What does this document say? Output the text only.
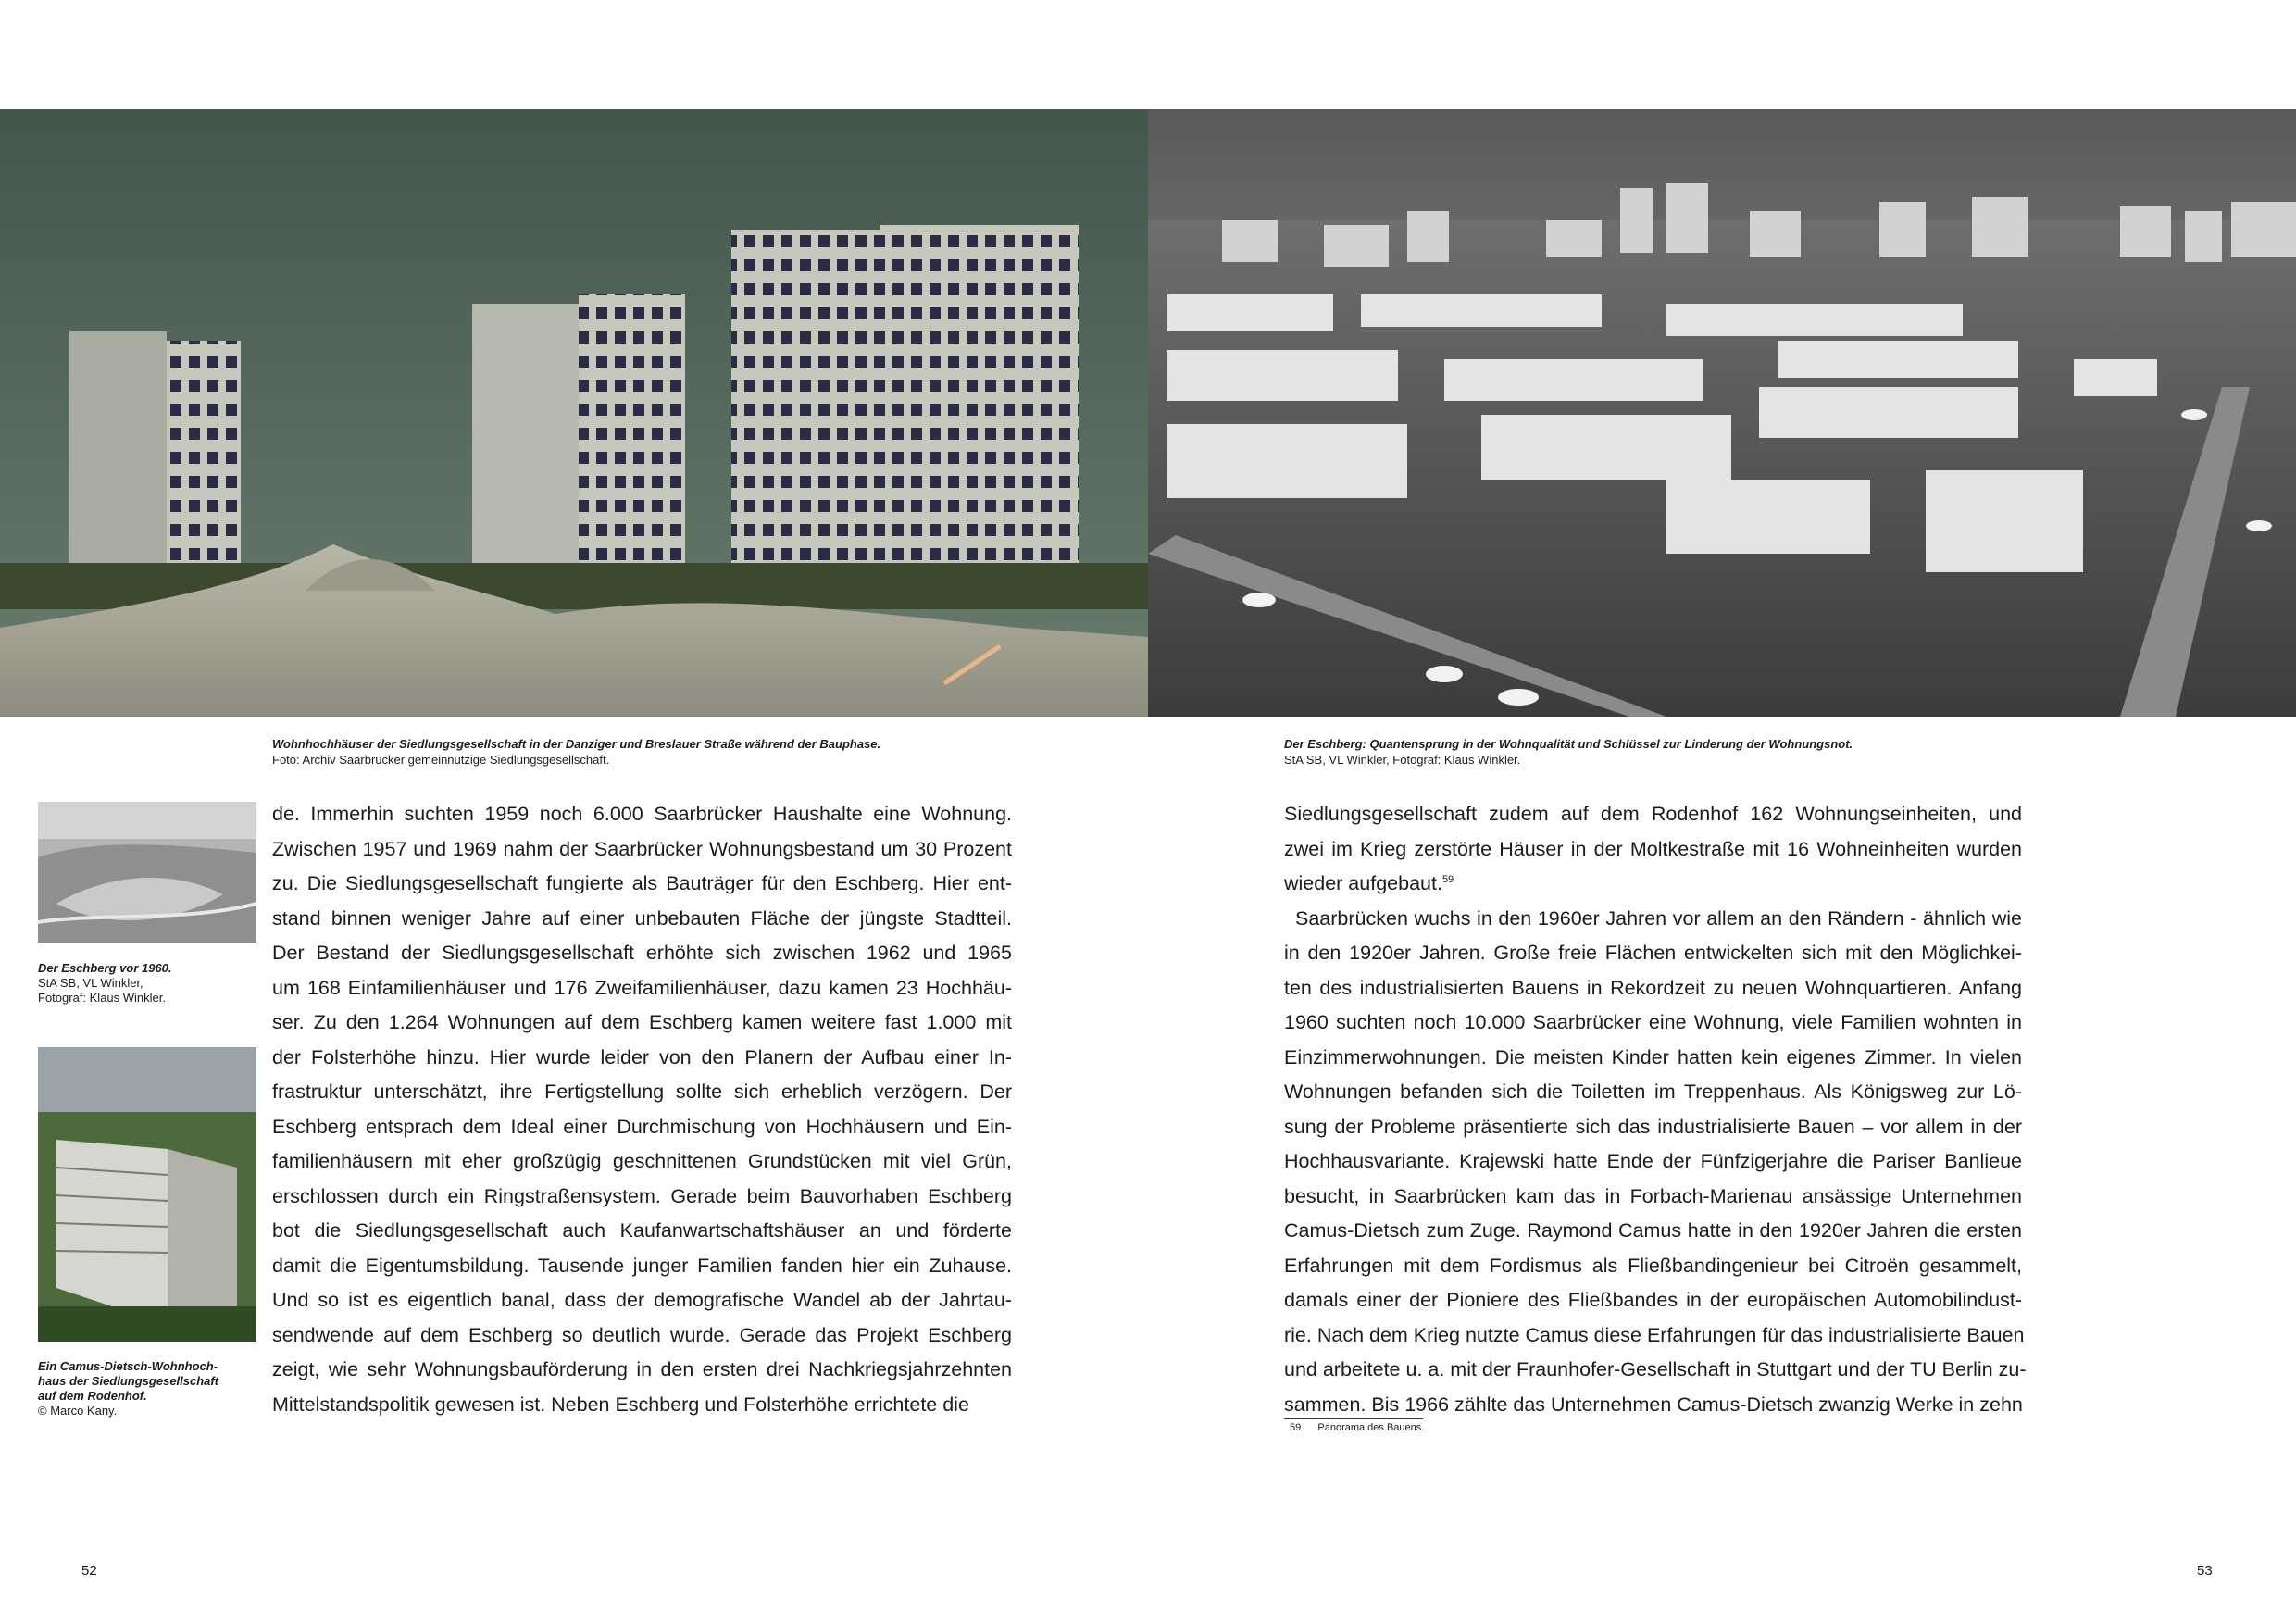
Wohnhochhäuser der Siedlungsgesellschaft in der Danziger und Breslauer Straße während der Bauphase.
Foto: Archiv Saarbrücker gemeinnützige Siedlungsgesellschaft.
Der Eschberg: Quantensprung in der Wohnqualität und Schlüssel zur Linderung der Wohnungsnot.
StA SB, VL Winkler, Fotograf: Klaus Winkler.
Der Eschberg vor 1960.
StA SB, VL Winkler,
Fotograf: Klaus Winkler.
Ein Camus-Dietsch-Wohnhoch-
haus der Siedlungsgesellschaft
auf dem Rodenhof.
© Marco Kany.
de. Immerhin suchten 1959 noch 6.000 Saarbrücker Haushalte eine Wohnung.
Zwischen 1957 und 1969 nahm der Saarbrücker Wohnungsbestand um 30 Prozent
zu. Die Siedlungsgesellschaft fungierte als Bauträger für den Eschberg. Hier ent-
stand binnen weniger Jahre auf einer unbebauten Fläche der jüngste Stadtteil.
Der Bestand der Siedlungsgesellschaft erhöhte sich zwischen 1962 und 1965
um 168 Einfamilienhäuser und 176 Zweifamilienhäuser, dazu kamen 23 Hochhäu-
ser. Zu den 1.264 Wohnungen auf dem Eschberg kamen weitere fast 1.000 mit
der Folsterhöhe hinzu. Hier wurde leider von den Planern der Aufbau einer In-
frastruktur unterschätzt, ihre Fertigstellung sollte sich erheblich verzögern. Der
Eschberg entsprach dem Ideal einer Durchmischung von Hochhäusern und Ein-
familienhäusern mit eher großzügig geschnittenen Grundstücken mit viel Grün,
erschlossen durch ein Ringstraßensystem. Gerade beim Bauvorhaben Eschberg
bot die Siedlungsgesellschaft auch Kaufanwartschaftshäuser an und förderte
damit die Eigentumsbildung. Tausende junger Familien fanden hier ein Zuhause.
Und so ist es eigentlich banal, dass der demografische Wandel ab der Jahrtau-
sendwende auf dem Eschberg so deutlich wurde. Gerade das Projekt Eschberg
zeigt, wie sehr Wohnungsbauförderung in den ersten drei Nachkriegsjahrzehnten
Mittelstandspolitik gewesen ist. Neben Eschberg und Folsterhöhe errichtete die
Siedlungsgesellschaft zudem auf dem Rodenhof 162 Wohnungseinheiten, und
zwei im Krieg zerstörte Häuser in der Moltkestraße mit 16 Wohneinheiten wurden
wieder aufgebaut.$^{59}$
Saarbrücken wuchs in den 1960er Jahren vor allem an den Rändern - ähnlich wie
in den 1920er Jahren. Große freie Flächen entwickelten sich mit den Möglichkei-
ten des industrialisierten Bauens in Rekordzeit zu neuen Wohnquartieren. Anfang
1960 suchten noch 10.000 Saarbrücker eine Wohnung, viele Familien wohnten in
Einzimmerwohnungen. Die meisten Kinder hatten kein eigenes Zimmer. In vielen
Wohnungen befanden sich die Toiletten im Treppenhaus. Als Königsweg zur Lö-
sung der Probleme präsentierte sich das industrialisierte Bauen – vor allem in der
Hochhausvariante. Krajewski hatte Ende der Fünfzigerjahre die Pariser Banlieue
besucht, in Saarbrücken kam das in Forbach-Marienau ansässige Unternehmen
Camus-Dietsch zum Zuge. Raymond Camus hatte in den 1920er Jahren die ersten
Erfahrungen mit dem Fordismus als Fließbandingenieur bei Citroën gesammelt,
damals einer der Pioniere des Fließbandes in der europäischen Automobilindust-
rie. Nach dem Krieg nutzte Camus diese Erfahrungen für das industrialisierte Bauen
und arbeitete u. a. mit der Fraunhofer-Gesellschaft in Stuttgart und der TU Berlin zu-
sammen. Bis 1966 zählte das Unternehmen Camus-Dietsch zwanzig Werke in zehn
59 Panorama des Bauens.
52	53
